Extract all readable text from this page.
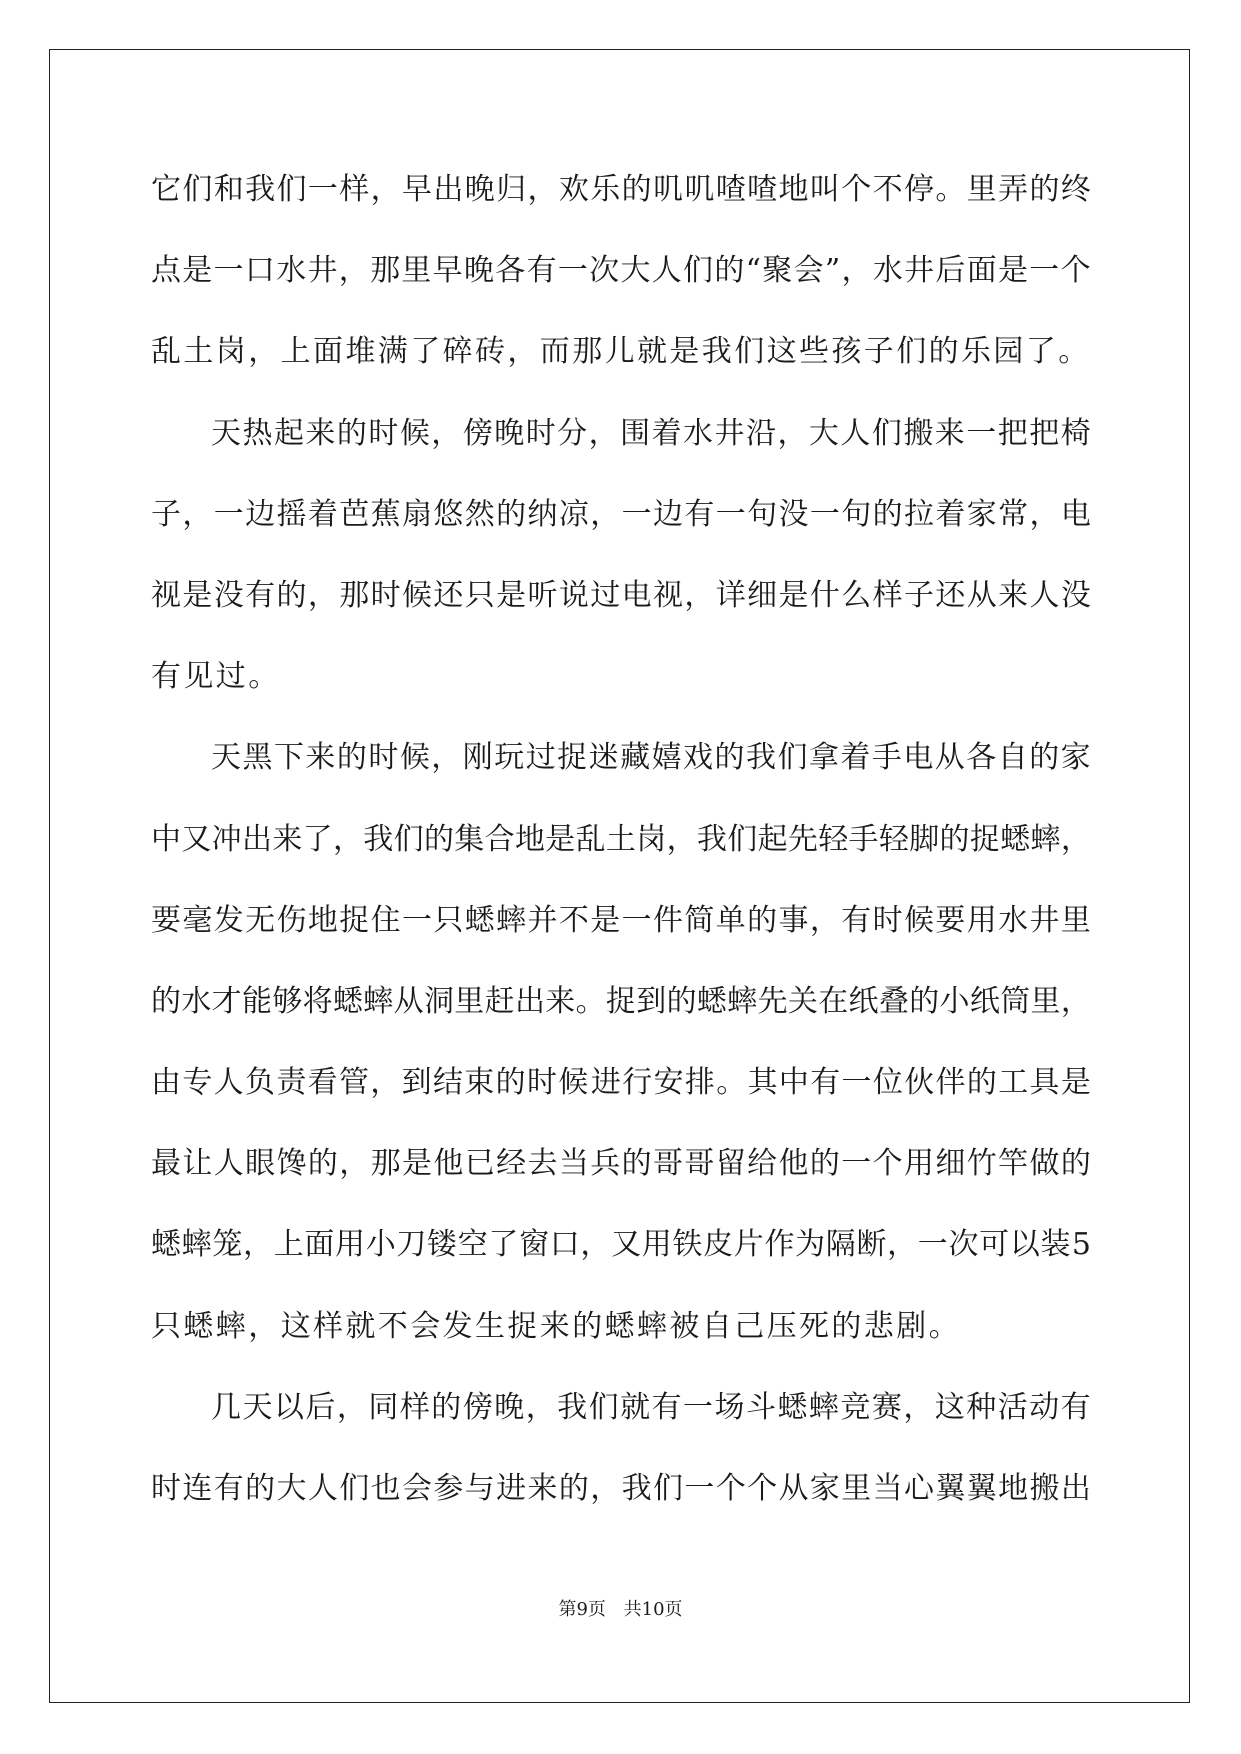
它 们 和 我 们 一 样 ， 早 出 晚 归 ， 欢 乐 的 叽 叽 喳 喳 地 叫 个 不 停 。 里 弄 的 终
点 是 一 口 水 井 ， 那 里 早 晚 各 有 一 次 大 人 们 的 “ 聚 会 ” ， 水 井 后 面 是 一 个
乱土岗，上面堆满了碎砖，而那儿就是我们这些孩子们的乐园了。
天 热 起 来 的 时 候 ， 傍 晚 时 分 ， 围 着 水 井 沿 ， 大 人 们 搬 来 一 把 把 椅
子 ， 一 边 摇 着 芭 蕉 扇 悠 然 的 纳 凉 ， 一 边 有 一 句 没 一 句 的 拉 着 家 常 ， 电
视 是 没 有 的 ， 那 时 候 还 只 是 听 说 过 电 视 ， 详 细 是 什 么 样 子 还 从 来 人 没
有见过。
天 黑 下 来 的 时 候 ， 刚 玩 过 捉 迷 藏 嬉 戏 的 我 们 拿 着 手 电 从 各 自 的 家
中 又 冲 出 来 了 ， 我 们 的 集 合 地 是 乱 土 岗 ， 我 们 起 先 轻 手 轻 脚 的 捉 蟋 蟀 ，
要 毫 发 无 伤 地 捉 住 一 只 蟋 蟀 并 不 是 一 件 简 单 的 事 ， 有 时 候 要 用 水 井 里
的 水 才 能 够 将 蟋 蟀 从 洞 里 赶 出 来 。 捉 到 的 蟋 蟀 先 关 在 纸 叠 的 小 纸 筒 里 ，
由 专 人 负 责 看 管 ， 到 结 束 的 时 候 进 行 安 排 。 其 中 有 一 位 伙 伴 的 工 具 是
最 让 人 眼 馋 的 ， 那 是 他 已 经 去 当 兵 的 哥 哥 留 给 他 的 一 个 用 细 竹 竿 做 的
蟋 蟀 笼 ， 上 面 用 小 刀 镂 空 了 窗 口 ， 又 用 铁 皮 片 作 为 隔 断 ， 一 次 可 以 装 5
只蟋蟀，这样就不会发生捉来的蟋蟀被自己压死的悲剧。
几 天 以 后 ， 同 样 的 傍 晚 ， 我 们 就 有 一 场 斗 蟋 蟀 竞 赛 ， 这 种 活 动 有
时 连 有 的 大 人 们 也 会 参 与 进 来 的 ， 我 们 一 个 个 从 家 里 当 心 翼 翼 地 搬 出
第9页 共10页
